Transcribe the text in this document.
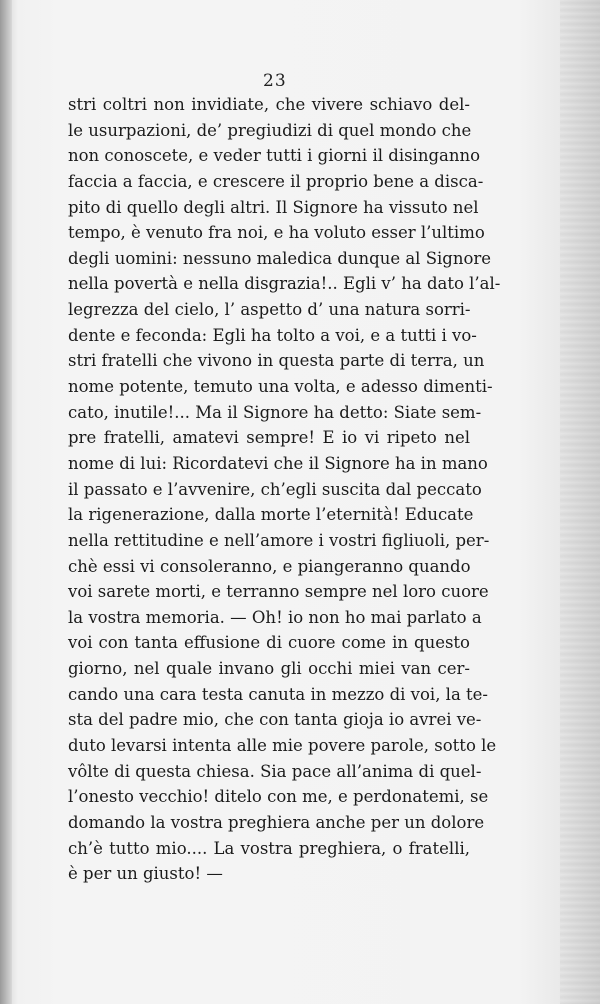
23
stri coltri non invidiate, che vivere schiavo del-
le usurpazioni, de’ pregiudizi di quel mondo che
non conoscete, e veder tutti i giorni il disinganno
faccia a faccia, e crescere il proprio bene a disca-
pito di quello degli altri. Il Signore ha vissuto nel
tempo, è venuto fra noi, e ha voluto esser l’ultimo
degli uomini: nessuno maledica dunque al Signore
nella povertà e nella disgrazia!.. Egli v’ ha dato l’al-
legrezza del cielo, l’ aspetto d’ una natura sorri-
dente e feconda: Egli ha tolto a voi, e a tutti i vo-
stri fratelli che vivono in questa parte di terra, un
nome potente, temuto una volta, e adesso dimenti-
cato, inutile!... Ma il Signore ha detto: Siate sem-
pre fratelli, amatevi sempre! E io vi ripeto nel
nome di lui: Ricordatevi che il Signore ha in mano
il passato e l’avvenire, ch’egli suscita dal peccato
la rigenerazione, dalla morte l’eternità! Educate
nella rettitudine e nell’amore i vostri figliuoli, per-
chè essi vi consoleranno, e piangeranno quando
voi sarete morti, e terranno sempre nel loro cuore
la vostra memoria. — Oh! io non ho mai parlato a
voi con tanta effusione di cuore come in questo
giorno, nel quale invano gli occhi miei van cer-
cando una cara testa canuta in mezzo di voi, la te-
sta del padre mio, che con tanta gioja io avrei ve-
duto levarsi intenta alle mie povere parole, sotto le
vôlte di questa chiesa. Sia pace all’anima di quel-
l’onesto vecchio! ditelo con me, e perdonatemi, se
domando la vostra preghiera anche per un dolore
ch’è tutto mio.... La vostra preghiera, o fratelli,
è per un giusto! —
